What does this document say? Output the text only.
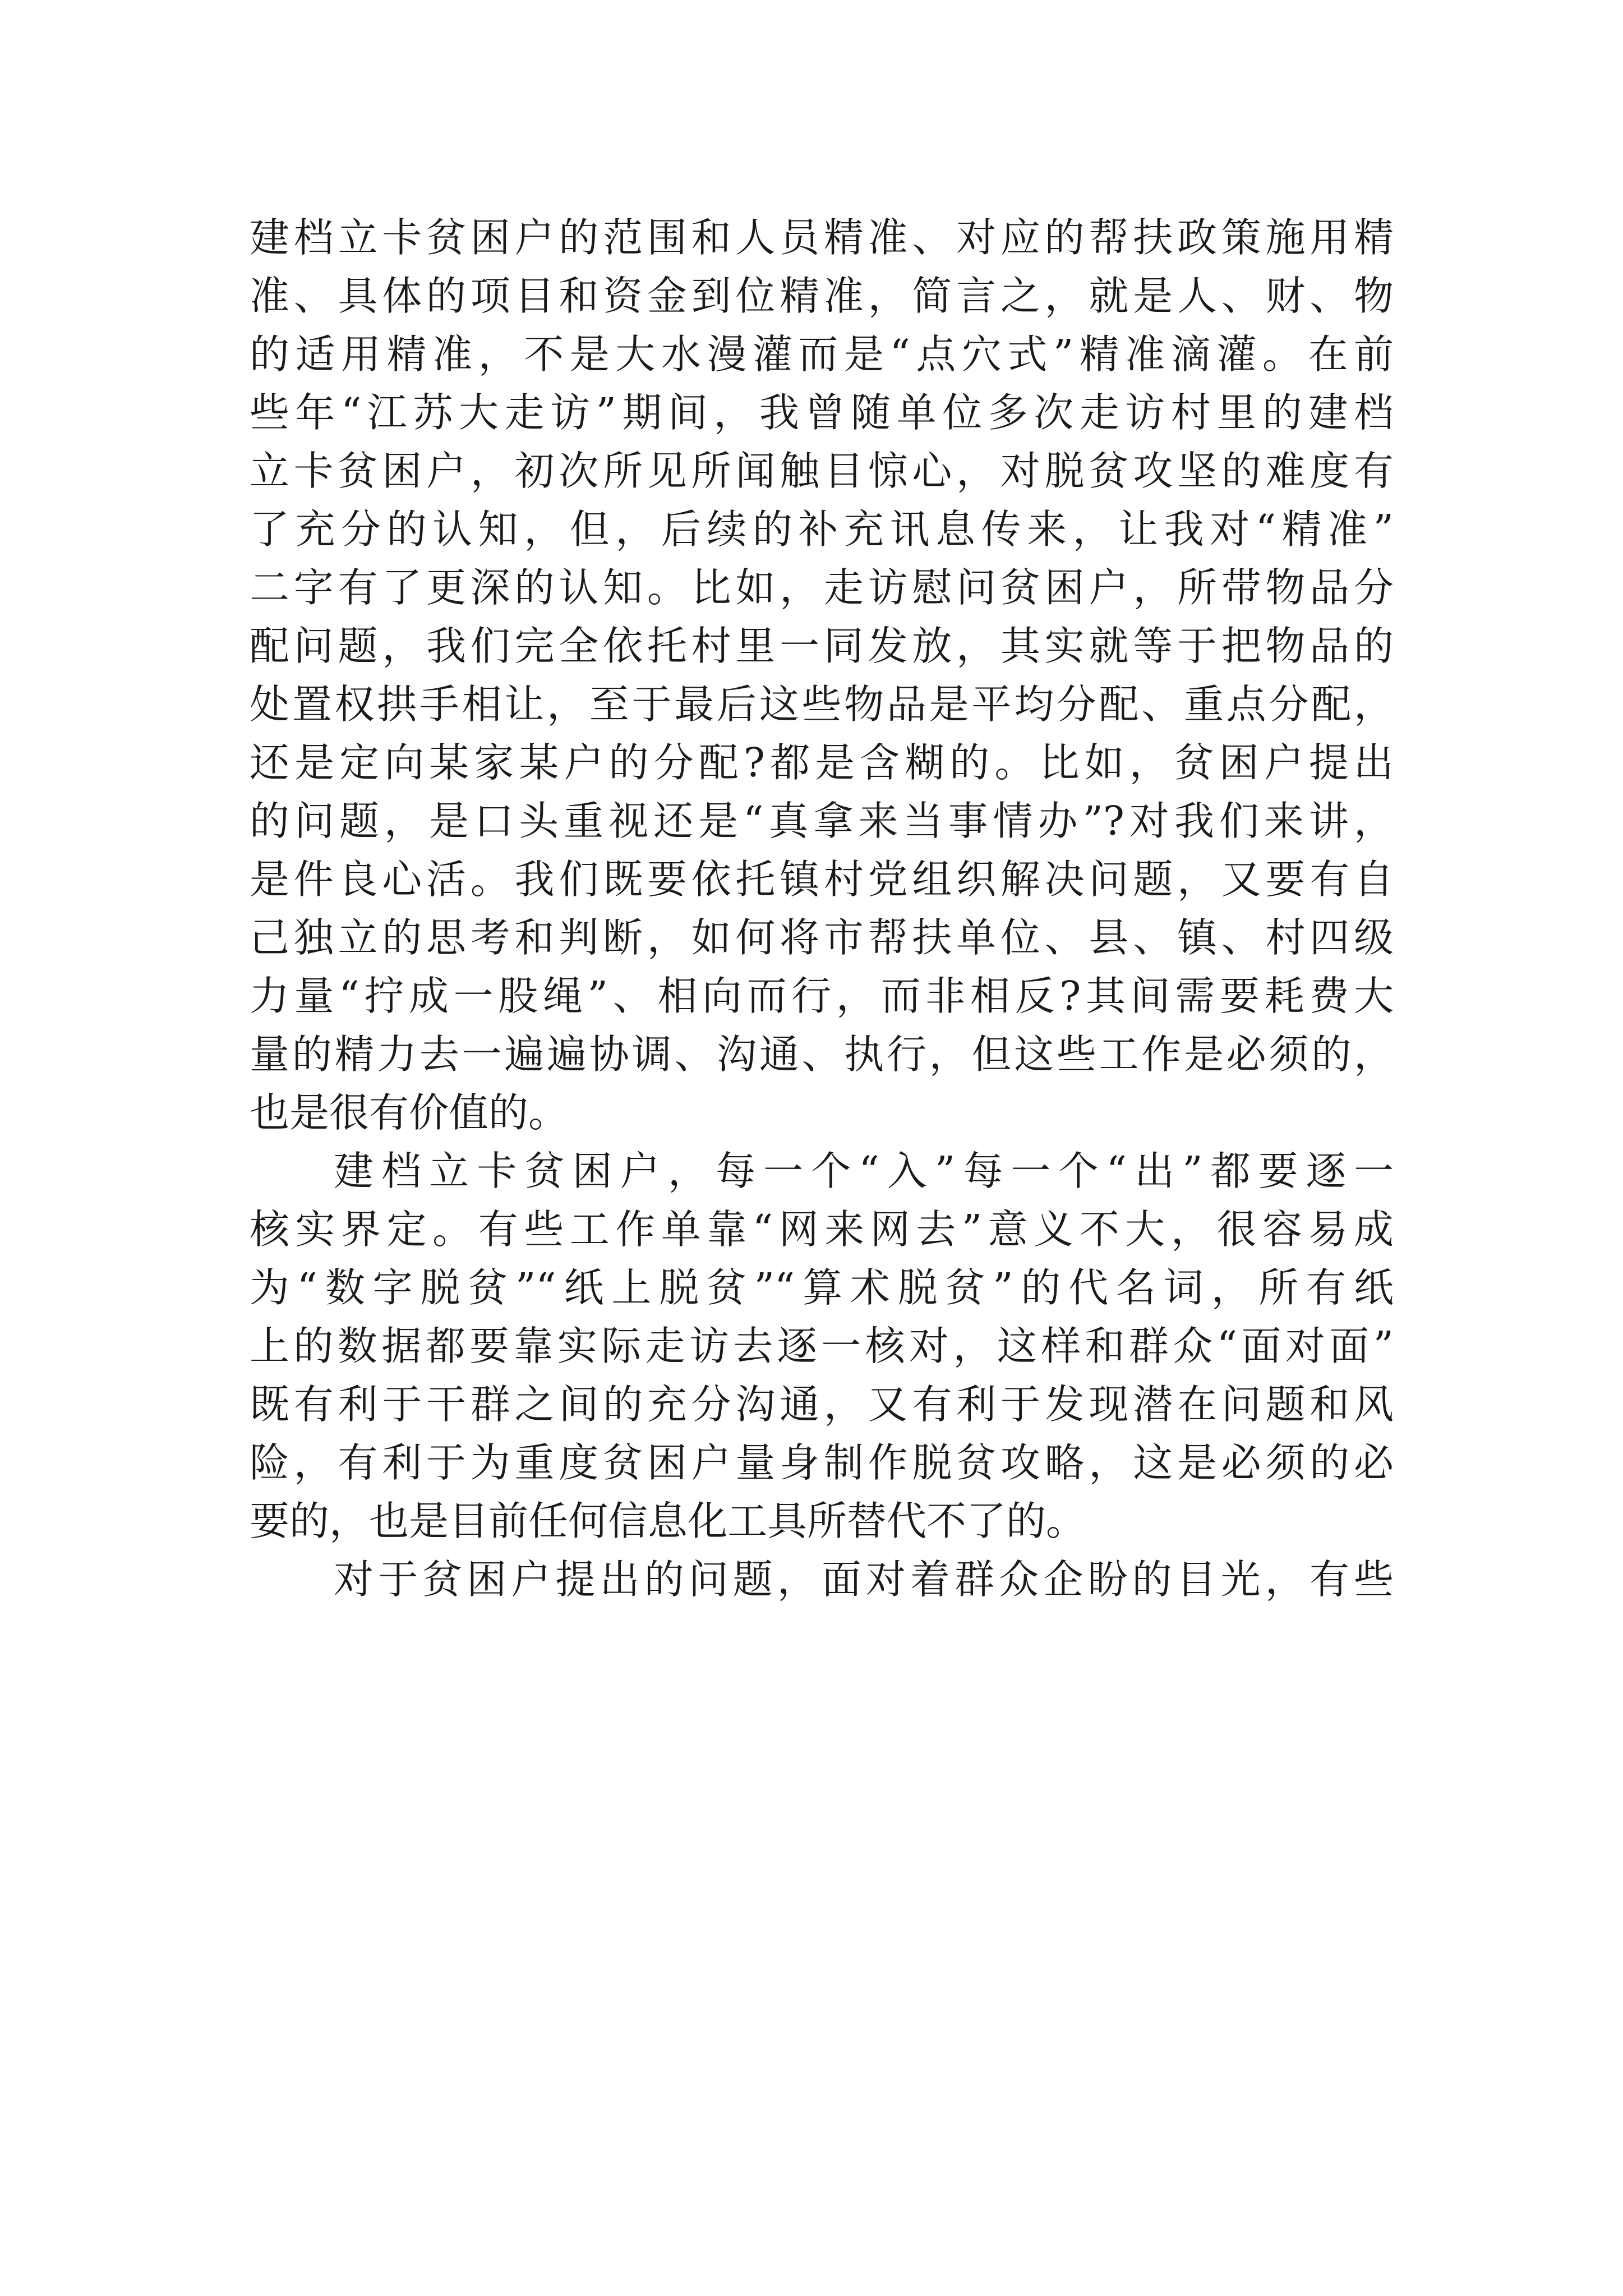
建档立卡贫困户的范围和人员精准、对应的帮扶政策施用精
准、具体的项目和资金到位精准，简言之，就是人、财、物
的适用精准，不是大水漫灌而是“点穴式”精准滴灌。在前
些年“江苏大走访”期间，我曾随单位多次走访村里的建档
立卡贫困户，初次所见所闻触目惊心，对脱贫攻坚的难度有
了充分的认知，但，后续的补充讯息传来，让我对“精准”
二字有了更深的认知。比如，走访慰问贫困户，所带物品分
配问题，我们完全依托村里一同发放，其实就等于把物品的
处置权拱手相让，至于最后这些物品是平均分配、重点分配，
还是定向某家某户的分配?都是含糊的。比如，贫困户提出
的问题，是口头重视还是“真拿来当事情办”?对我们来讲，
是件良心活。我们既要依托镇村党组织解决问题，又要有自
己独立的思考和判断，如何将市帮扶单位、县、镇、村四级
力量“拧成一股绳”、相向而行，而非相反?其间需要耗费大
量的精力去一遍遍协调、沟通、执行，但这些工作是必须的，
也是很有价值的。
建档立卡贫困户，每一个“入”每一个“出”都要逐一
核实界定。有些工作单靠“网来网去”意义不大，很容易成
为“数字脱贫”“纸上脱贫”“算术脱贫”的代名词，所有纸
上的数据都要靠实际走访去逐一核对，这样和群众“面对面”
既有利于干群之间的充分沟通，又有利于发现潜在问题和风
险，有利于为重度贫困户量身制作脱贫攻略，这是必须的必
要的，也是目前任何信息化工具所替代不了的。
对于贫困户提出的问题，面对着群众企盼的目光，有些
